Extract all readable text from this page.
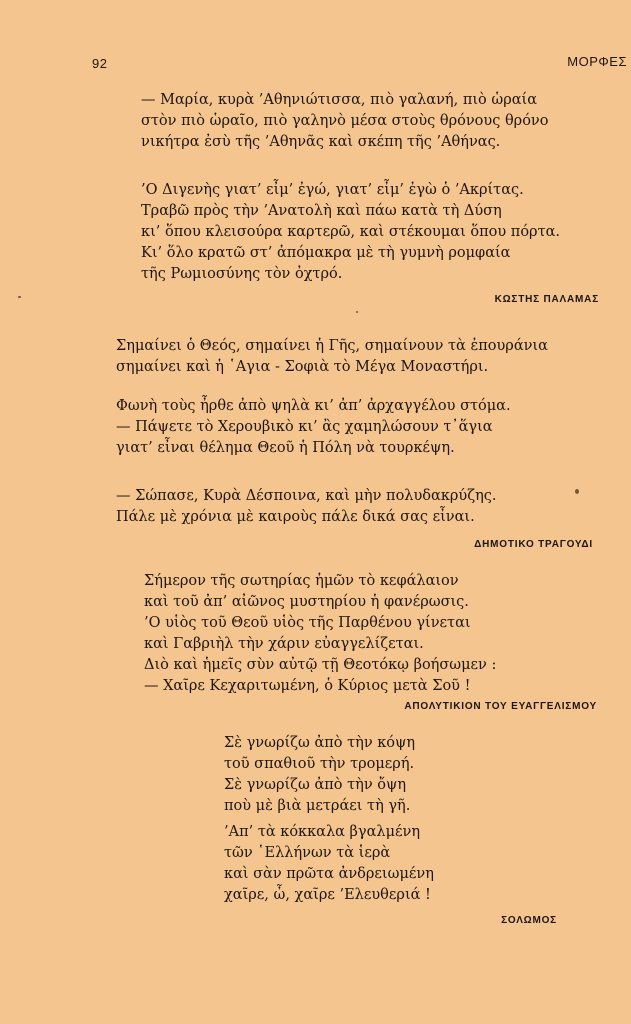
92	ΜΟΡΦΕΣ
— Μαρία, κυρὰ ’Αθηνιώτισσα, πιὸ γαλανή, πιὸ ὡραία
στὸν πιὸ ὡραῖο, πιὸ γαληνὸ μέσα στοὺς θρόνους θρόνο
νικήτρα ἐσὺ τῆς ’Αθηνᾶς καὶ σκέπη τῆς ’Αθήνας.
’Ο Διγενὴς γιατ’ εἶμ’ ἐγώ, γιατ’ εἶμ’ ἐγὼ ὁ ’Ακρίτας.
Τραβῶ πρὸς τὴν ’Ανατολὴ καὶ πάω κατὰ τὴ Δύση
κι’ ὅπου κλεισούρα καρτερῶ, καὶ στέκουμαι ὅπου πόρτα.
Κι’ ὅλο κρατῶ στ’ ἀπόμακρα μὲ τὴ γυμνὴ ρομφαία
τῆς Ρωμιοσύνης τὸν ὀχτρό.
ΚΩΣΤΗΣ ΠΑΛΑΜΑΣ
Σημαίνει ὁ Θεός, σημαίνει ἡ Γῆς, σημαίνουν τὰ ἐπουράνια
σημαίνει καὶ ἡ ῾Αγια - Σοφιὰ τὸ Μέγα Μοναστήρι.
Φωνὴ τοὺς ἦρθε ἀπὸ ψηλὰ κι’ ἀπ’ ἀρχαγγέλου στόμα.
— Πάψετε τὸ Χερουβικὸ κι’ ἂς χαμηλώσουν τ᾽ἅγια
γιατ’ εἶναι θέλημα Θεοῦ ἡ Πόλη νὰ τουρκέψη.
— Σώπασε, Κυρὰ Δέσποινα, καὶ μὴν πολυδακρύζης.
Πάλε μὲ χρόνια μὲ καιροὺς πάλε δικά σας εἶναι.
ΔΗΜΟΤΙΚΟ ΤΡΑΓΟΥΔΙ
Σήμερον τῆς σωτηρίας ἡμῶν τὸ κεφάλαιον
καὶ τοῦ ἀπ’ αἰῶνος μυστηρίου ἡ φανέρωσις.
’Ο υἱὸς τοῦ Θεοῦ υἱὸς τῆς Παρθένου γίνεται
καὶ Γαβριὴλ τὴν χάριν εὐαγγελίζεται.
Διὸ καὶ ἡμεῖς σὺν αὐτῷ τῇ Θεοτόκῳ βοήσωμεν :
— Χαῖρε Κεχαριτωμένη, ὁ Κύριος μετὰ Σοῦ !
ΑΠΟΛΥΤΙΚΙΟΝ ΤΟΥ ΕΥΑΓΓΕΛΙΣΜΟΥ
Σὲ γνωρίζω ἀπὸ τὴν κόψη
τοῦ σπαθιοῦ τὴν τρομερή.
Σὲ γνωρίζω ἀπὸ τὴν ὄψη
ποὺ μὲ βιὰ μετράει τὴ γῆ.
’Απ’ τὰ κόκκαλα βγαλμένη
τῶν ῾Ελλήνων τὰ ἱερὰ
καὶ σὰν πρῶτα ἀνδρειωμένη
χαῖρε, ὦ, χαῖρε ’Ελευθεριά !
ΣΟΛΩΜΟΣ
